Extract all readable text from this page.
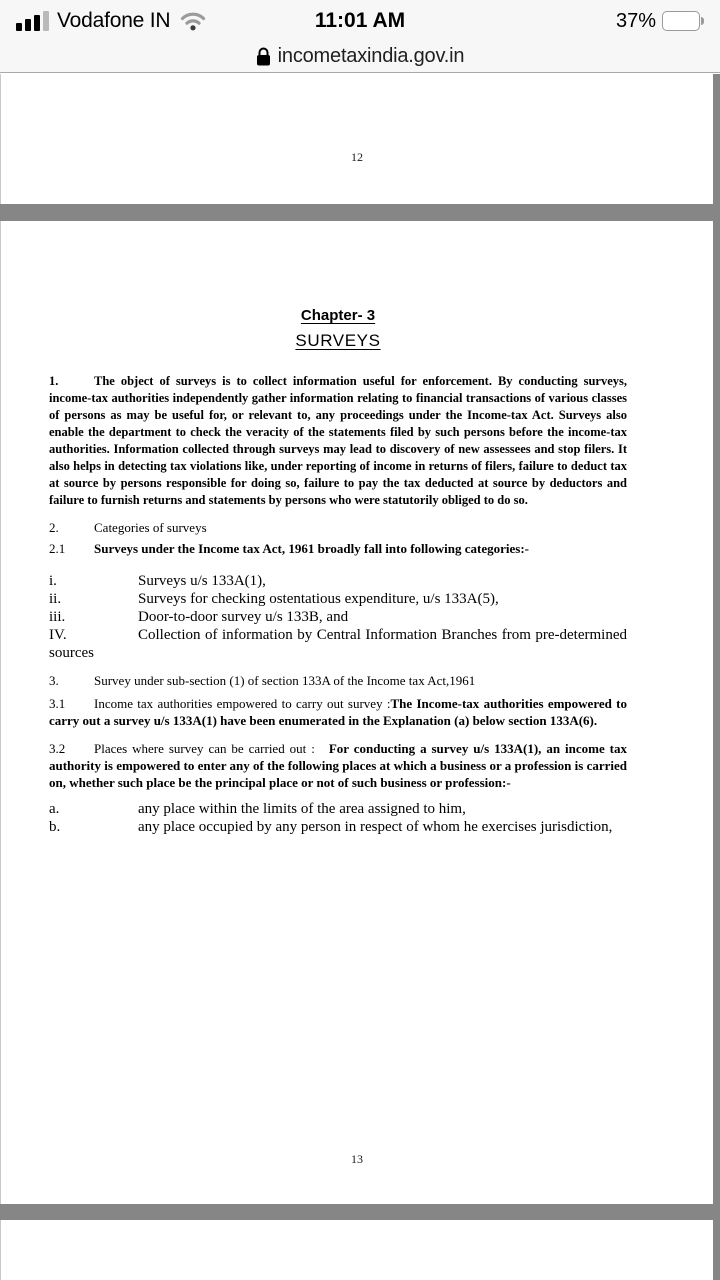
Vodafone IN	11:01 AM	37%
incometaxindia.gov.in
12
Chapter- 3
SURVEYS
1.	The object of surveys is to collect information useful for enforcement. By conducting surveys, income-tax authorities independently gather information relating to financial transactions of various classes of persons as may be useful for, or relevant to, any proceedings under the Income-tax Act. Surveys also enable the department to check the veracity of the statements filed by such persons before the income-tax authorities. Information collected through surveys may lead to discovery of new assessees and stop filers. It also helps in detecting tax violations like, under reporting of income in returns of filers, failure to deduct tax at source by persons responsible for doing so, failure to pay the tax deducted at source by deductors and failure to furnish returns and statements by persons who were statutorily obliged to do so.
2.	Categories of surveys
2.1 Surveys under the Income tax Act, 1961 broadly fall into following categories:-
i.	Surveys u/s 133A(1),
ii.	Surveys for checking ostentatious expenditure, u/s 133A(5),
iii.	Door-to-door survey u/s 133B, and
IV.	Collection of information by Central Information Branches from pre-determined
sources
3.	Survey under sub-section (1) of section 133A of the Income tax Act,1961
3.1 Income tax authorities empowered to carry out survey :The Income-tax authorities empowered to carry out a survey u/s 133A(1) have been enumerated in the Explanation (a) below section 133A(6).
3.2 Places where survey can be carried out : For conducting a survey u/s 133A(1), an income tax authority is empowered to enter any of the following places at which a business or a profession is carried on, whether such place be the principal place or not of such business or profession:-
a.	any place within the limits of the area assigned to him,
b.	any place occupied by any person in respect of whom he exercises jurisdiction,
13
